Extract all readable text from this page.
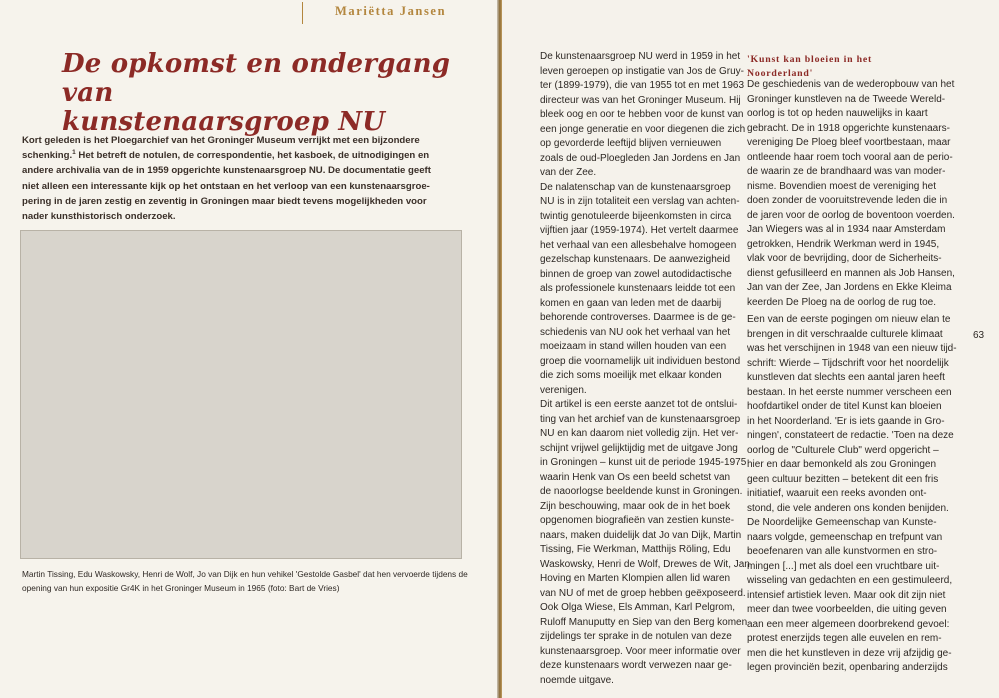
Mariëtta Jansen
De opkomst en ondergang van
kunstenaarsgroep NU
Kort geleden is het Ploegarchief van het Groninger Museum verrijkt met een bijzondere
schenking.$^1$ Het betreft de notulen, de correspondentie, het kasboek, de uitnodigingen en
andere archivalia van de in 1959 opgerichte kunstenaarsgroep NU. De documentatie geeft
niet alleen een interessante kijk op het ontstaan en het verloop van een kunstenaarsgroe-
pering in de jaren zestig en zeventig in Groningen maar biedt tevens mogelijkheden voor
nader kunsthistorisch onderzoek.
Martin Tissing, Edu Waskowsky, Henri de Wolf, Jo van Dijk en hun vehikel 'Gestolde Gasbel' dat hen vervoerde tijdens de
opening van hun expositie Gr4K in het Groninger Museum in 1965 (foto: Bart de Vries)
De kunstenaarsgroep NU werd in 1959 in het
leven geroepen op instigatie van Jos de Gruy-
ter (1899-1979), die van 1955 tot en met 1963
directeur was van het Groninger Museum. Hij
bleek oog en oor te hebben voor de kunst van
een jonge generatie en voor diegenen die zich
op gevorderde leeftijd blijven vernieuwen
zoals de oud-Ploegleden Jan Jordens en Jan
van der Zee.
De nalatenschap van de kunstenaarsgroep
NU is in zijn totaliteit een verslag van achten-
twintig genotuleerde bijeenkomsten in circa
vijftien jaar (1959-1974). Het vertelt daarmee
het verhaal van een allesbehalve homogeen
gezelschap kunstenaars. De aanwezigheid
binnen de groep van zowel autodidactische
als professionele kunstenaars leidde tot een
komen en gaan van leden met de daarbij
behorende controverses. Daarmee is de ge-
schiedenis van NU ook het verhaal van het
moeizaam in stand willen houden van een
groep die voornamelijk uit individuen bestond
die zich soms moeilijk met elkaar konden
verenigen.
Dit artikel is een eerste aanzet tot de ontslui-
ting van het archief van de kunstenaarsgroep
NU en kan daarom niet volledig zijn. Het ver-
schijnt vrijwel gelijktijdig met de uitgave Jong
in Groningen – kunst uit de periode 1945-1975
waarin Henk van Os een beeld schetst van
de naoorlogse beeldende kunst in Groningen.
Zijn beschouwing, maar ook de in het boek
opgenomen biografieën van zestien kunste-
naars, maken duidelijk dat Jo van Dijk, Martin
Tissing, Fie Werkman, Matthijs Röling, Edu
Waskowsky, Henri de Wolf, Drewes de Wit, Jan
Hoving en Marten Klompien allen lid waren
van NU of met de groep hebben geëxposeerd.
Ook Olga Wiese, Els Amman, Karl Pelgrom,
Ruloff Manuputty en Siep van den Berg komen
zijdelings ter sprake in de notulen van deze
kunstenaarsgroep. Voor meer informatie over
deze kunstenaars wordt verwezen naar ge-
noemde uitgave.
'Kunst kan bloeien in het
Noorderland'
De geschiedenis van de wederopbouw van het
Groninger kunstleven na de Tweede Wereld-
oorlog is tot op heden nauwelijks in kaart
gebracht. De in 1918 opgerichte kunstenaars-
vereniging De Ploeg bleef voortbestaan, maar
ontleende haar roem toch vooral aan de perio-
de waarin ze de brandhaard was van moder-
nisme. Bovendien moest de vereniging het
doen zonder de vooruitstrevende leden die in
de jaren voor de oorlog de boventoon voerden.
Jan Wiegers was al in 1934 naar Amsterdam
getrokken, Hendrik Werkman werd in 1945,
vlak voor de bevrijding, door de Sicherheits-
dienst gefusilleerd en mannen als Job Hansen,
Jan van der Zee, Jan Jordens en Ekke Kleima
keerden De Ploeg na de oorlog de rug toe.
Een van de eerste pogingen om nieuw elan te
brengen in dit verschraalde culturele klimaat
was het verschijnen in 1948 van een nieuw tijd-
schrift: Wierde – Tijdschrift voor het noordelijk
kunstleven dat slechts een aantal jaren heeft
bestaan. In het eerste nummer verscheen een
hoofdartikel onder de titel Kunst kan bloeien
in het Noorderland. 'Er is iets gaande in Gro-
ningen', constateert de redactie. 'Toen na deze
oorlog de "Culturele Club" werd opgericht –
hier en daar bemonkeld als zou Groningen
geen cultuur bezitten – betekent dit een fris
initiatief, waaruit een reeks avonden ont-
stond, die vele anderen ons konden benijden.
De Noordelijke Gemeenschap van Kunste-
naars volgde, gemeenschap en trefpunt van
beoefenaren van alle kunstvormen en strο-
mingen [...] met als doel een vruchtbare uit-
wisseling van gedachten en een gestimuleerd,
intensief artistiek leven. Maar ook dit zijn niet
meer dan twee voorbeelden, die uiting geven
aan een meer algemeen doorbrekend gevoel:
protest enerzijds tegen alle euvelen en rem-
men die het kunstleven in deze vrij afzijdig ge-
legen provinciën bezit, openbaring anderzijds
63
